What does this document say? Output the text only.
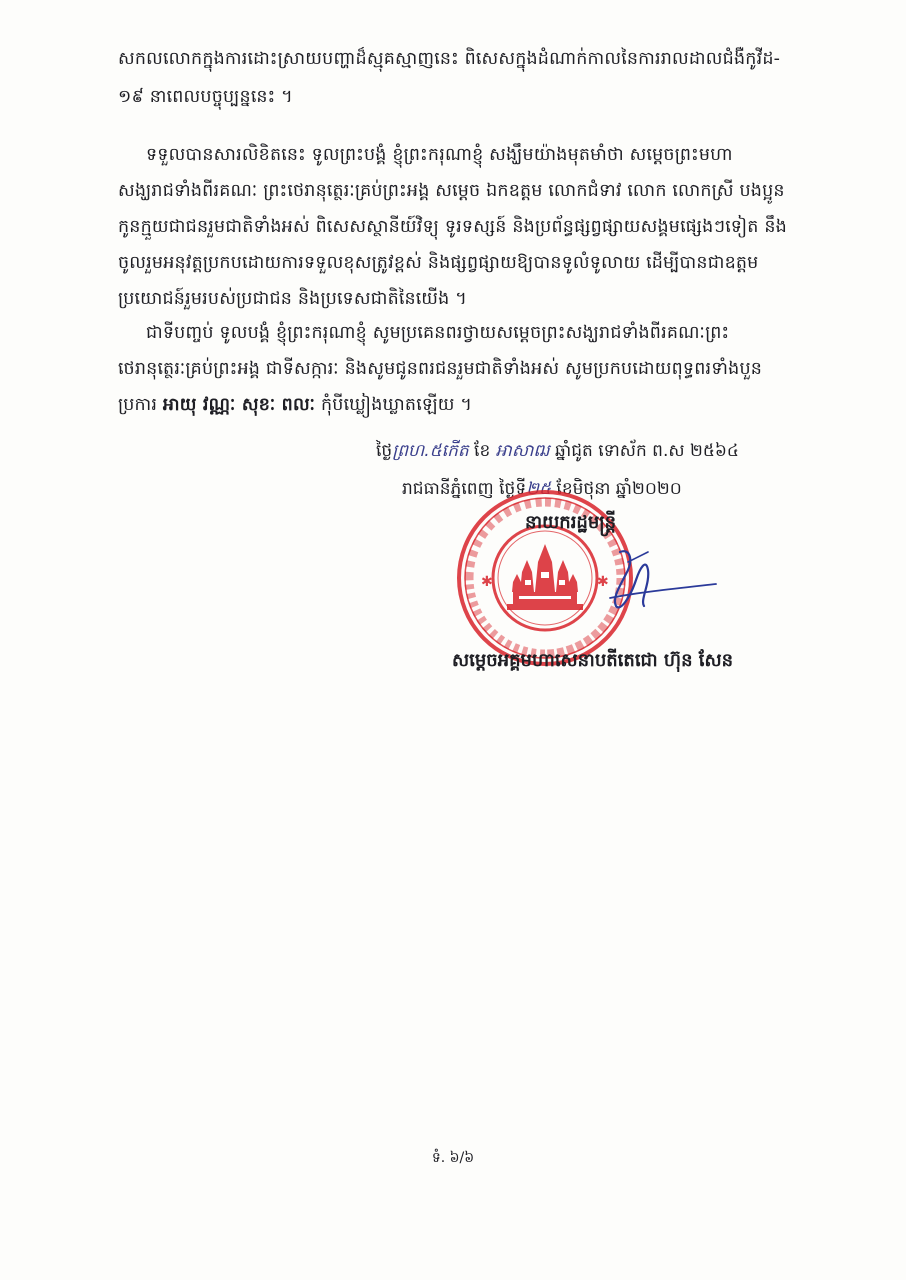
សកលលោកក្នុងការដោះស្រាយបញ្ហាដ៏ស្មុគស្មាញនេះ ពិសេសក្នុងដំណាក់កាលនៃការរាលដាលជំងឺកូវីដ-
១៩ នាពេលបច្ចុប្បន្ននេះ ។
ទទួលបានសារលិខិតនេះ ទូលព្រះបង្គំ ខ្ញុំព្រះករុណាខ្ញុំ សង្ឃឹមយ៉ាងមុតមាំថា សម្តេចព្រះមហា
សង្ឃរាជទាំងពីរគណៈ ព្រះថេរានុត្ថេរៈគ្រប់ព្រះអង្គ សម្តេច ឯកឧត្តម លោកជំទាវ លោក លោកស្រី បងប្អូន
កូនក្មួយជាជនរួមជាតិទាំងអស់ ពិសេសស្ថានីយ៍វិទ្យុ ទូរទស្សន៍ និងប្រព័ន្ធផ្សព្វផ្សាយសង្គមផ្សេងៗទៀត នឹង
ចូលរួមអនុវត្តប្រកបដោយការទទួលខុសត្រូវខ្ពស់ និងផ្សព្វផ្សាយឱ្យបានទូលំទូលាយ ដើម្បីបានជាឧត្តម
ប្រយោជន៍រួមរបស់ប្រជាជន និងប្រទេសជាតិនៃយើង ។
ជាទីបញ្ចប់ ទូលបង្គំ ខ្ញុំព្រះករុណាខ្ញុំ សូមប្រគេនពរថ្វាយសម្តេចព្រះសង្ឃរាជទាំងពីរគណៈព្រះ
ថេរានុត្ថេរៈគ្រប់ព្រះអង្គ ជាទីសក្ការៈ និងសូមជូនពរជនរួមជាតិទាំងអស់ សូមប្រកបដោយពុទ្ធពរទាំងបួន
ប្រការ អាយុ វណ្ណៈ សុខៈ ពលៈ កុំបីឃ្លៀងឃ្លាតឡើយ ។
ថ្ងៃព្រហ.៥កើត ខែ អាសាឍ ឆ្នាំជូត ទោស័ក ព.ស ២៥៦៤
រាជធានីភ្នំពេញ ថ្ងៃទី២៥ ខែមិថុនា ឆ្នាំ២០២០
✱	✱
នាយករដ្ឋមន្ត្រី
សម្តេចអគ្គមហាសេនាបតីតេជោ ហ៊ុន សែន
ទំ. ៦/៦
